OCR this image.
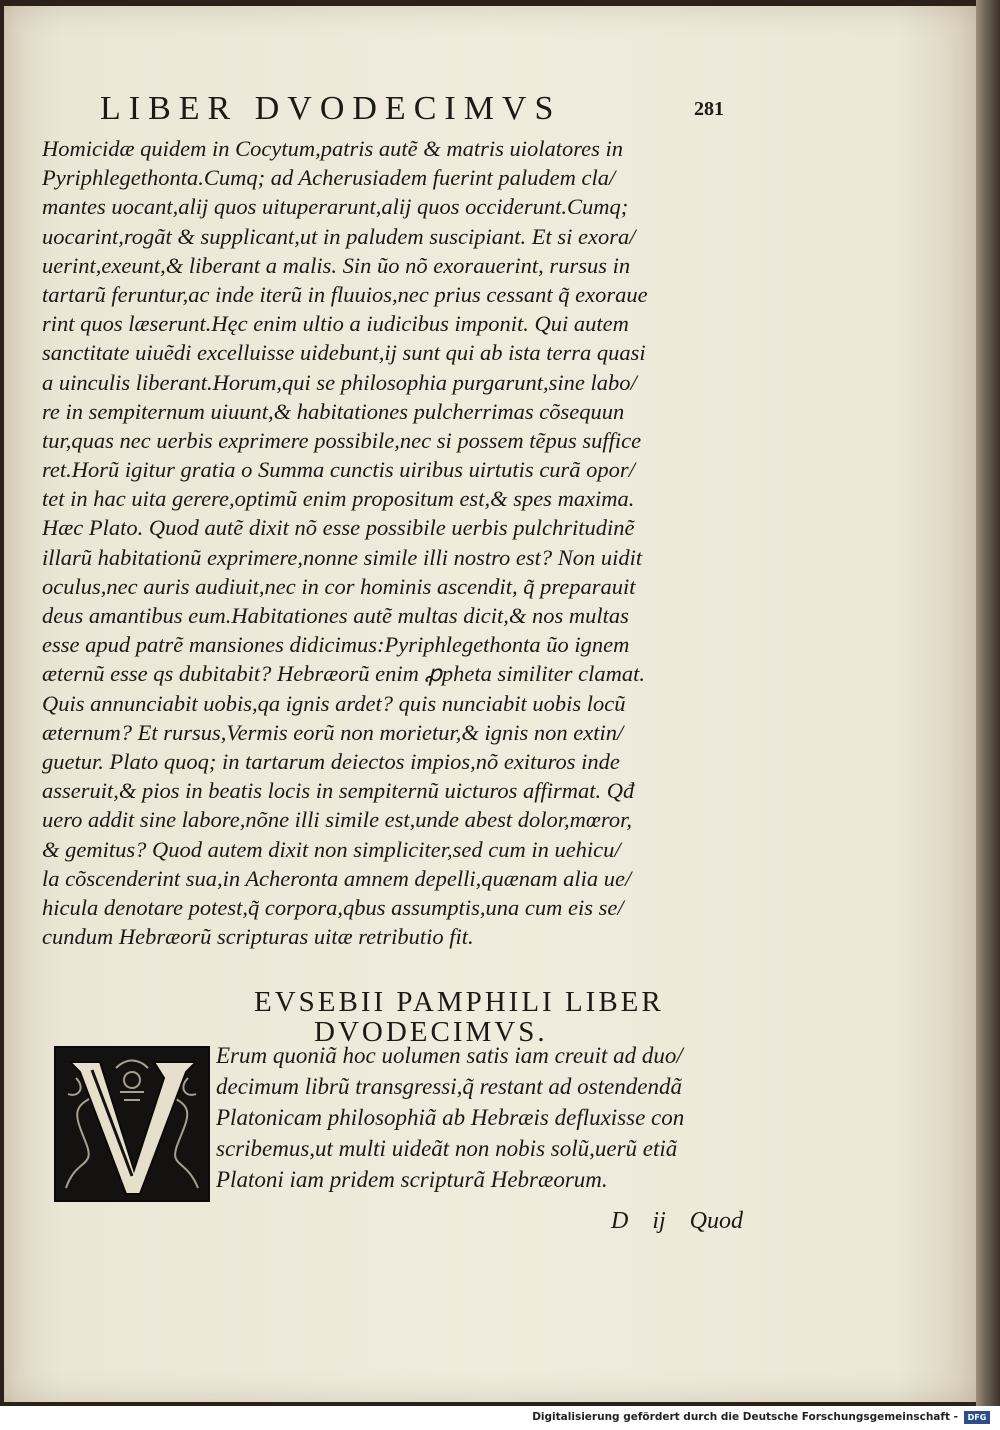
LIBER DVODECIMVS	281
Homicidæ quidem in Cocytum,patris autẽ & matris uiolatores in
Pyriphlegethonta.Cumq; ad Acherusiadem fuerint paludem cla/
mantes uocant,alij quos uituperarunt,alij quos occiderunt.Cumq;
uocarint,rogãt & supplicant,ut in paludem suscipiant. Et si exora/
uerint,exeunt,& liberant a malis. Sin ũo nõ exorauerint, rursus in
tartarũ feruntur,ac inde iterũ in fluuios,nec prius cessant q̃ exoraue
rint quos læserunt.Hęc enim ultio a iudicibus imponit. Qui autem
sanctitate uiuẽdi excelluisse uidebunt,ij sunt qui ab ista terra quasi
a uinculis liberant.Horum,qui se philosophia purgarunt,sine labo/
re in sempiternum uiuunt,& habitationes pulcherrimas cõsequun
tur,quas nec uerbis exprimere possibile,nec si possem tẽpus suffice
ret.Horũ igitur gratia o Summa cunctis uiribus uirtutis curã opor/
tet in hac uita gerere,optimũ enim propositum est,& spes maxima.
Hæc Plato. Quod autẽ dixit nõ esse possibile uerbis pulchritudinẽ
illarũ habitationũ exprimere,nonne simile illi nostro est? Non uidit
oculus,nec auris audiuit,nec in cor hominis ascendit, q̃ preparauit
deus amantibus eum.Habitationes autẽ multas dicit,& nos multas
esse apud patrẽ mansiones didicimus:Pyriphlegethonta ũo ignem
æternũ esse qs dubitabit? Hebræorũ enim ꝓpheta similiter clamat.
Quis annunciabit uobis,qa ignis ardet? quis nunciabit uobis locũ
æternum? Et rursus,Vermis eorũ non morietur,& ignis non extin/
guetur. Plato quoq; in tartarum deiectos impios,nõ exituros inde
asseruit,& pios in beatis locis in sempiternũ uicturos affirmat. Qđ
uero addit sine labore,nõne illi simile est,unde abest dolor,mœror,
& gemitus? Quod autem dixit non simpliciter,sed cum in uehicu/
la cõscenderint sua,in Acheronta amnem depelli,quænam alia ue/
hicula denotare potest,q̃ corpora,qbus assumptis,una cum eis se/
cundum Hebræorũ scripturas uitæ retributio fit.
EVSEBII PAMPHILI LIBER
DVODECIMVS.
Erum quoniã hoc uolumen satis iam creuit ad duo/
decimum librũ transgressi,q̃ restant ad ostendendã
Platonicam philosophiã ab Hebræis defluxisse con
scribemus,ut multi uideãt non nobis solũ,uerũ etiã
Platoni iam pridem scripturã Hebræorum.
D ij Quod
Digitalisierung gefördert durch die Deutsche Forschungsgemeinschaft -	DFG
